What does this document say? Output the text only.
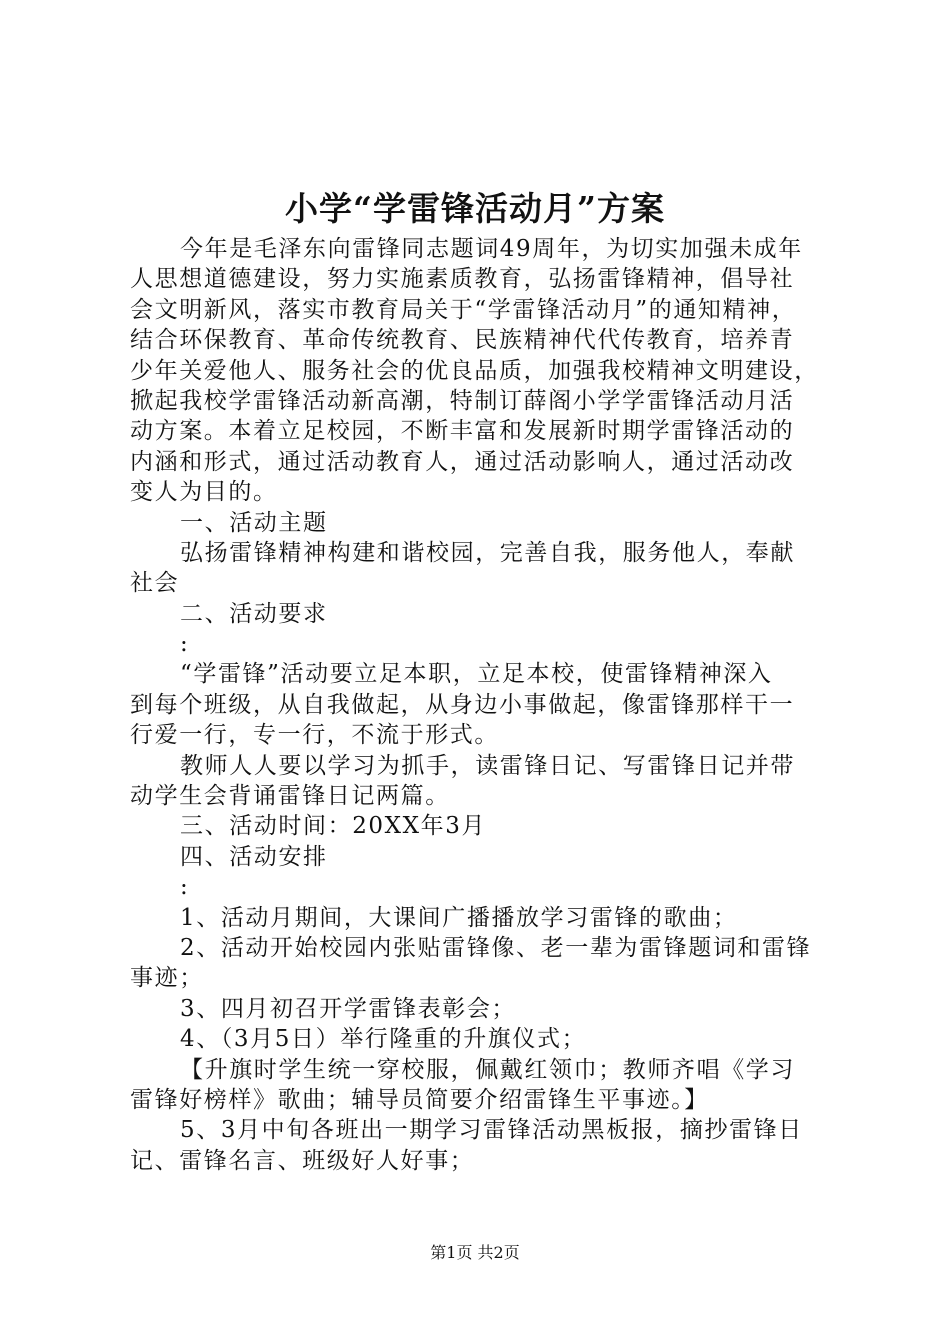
小学“学雷锋活动月”方案
今年是毛泽东向雷锋同志题词49周年，为切实加强未成年
人思想道德建设，努力实施素质教育，弘扬雷锋精神，倡导社
会文明新风，落实市教育局关于“学雷锋活动月”的通知精神，
结合环保教育、革命传统教育、民族精神代代传教育，培养青
少年关爱他人、服务社会的优良品质，加强我校精神文明建设，
掀起我校学雷锋活动新高潮，特制订薛阁小学学雷锋活动月活
动方案。本着立足校园，不断丰富和发展新时期学雷锋活动的
内涵和形式，通过活动教育人，通过活动影响人，通过活动改
变人为目的。
一、活动主题
弘扬雷锋精神构建和谐校园，完善自我，服务他人，奉献
社会
二、活动要求
:
“学雷锋”活动要立足本职，立足本校，使雷锋精神深入
到每个班级，从自我做起，从身边小事做起，像雷锋那样干一
行爱一行，专一行，不流于形式。
教师人人要以学习为抓手，读雷锋日记、写雷锋日记并带
动学生会背诵雷锋日记两篇。
三、活动时间：20XX年3月
四、活动安排
:
1、活动月期间，大课间广播播放学习雷锋的歌曲；
2、活动开始校园内张贴雷锋像、老一辈为雷锋题词和雷锋
事迹；
3、四月初召开学雷锋表彰会；
4、（3月5日）举行隆重的升旗仪式；
【升旗时学生统一穿校服，佩戴红领巾；教师齐唱《学习
雷锋好榜样》歌曲；辅导员简要介绍雷锋生平事迹。】
5、3月中旬各班出一期学习雷锋活动黑板报，摘抄雷锋日
记、雷锋名言、班级好人好事；
第1页 共2页
